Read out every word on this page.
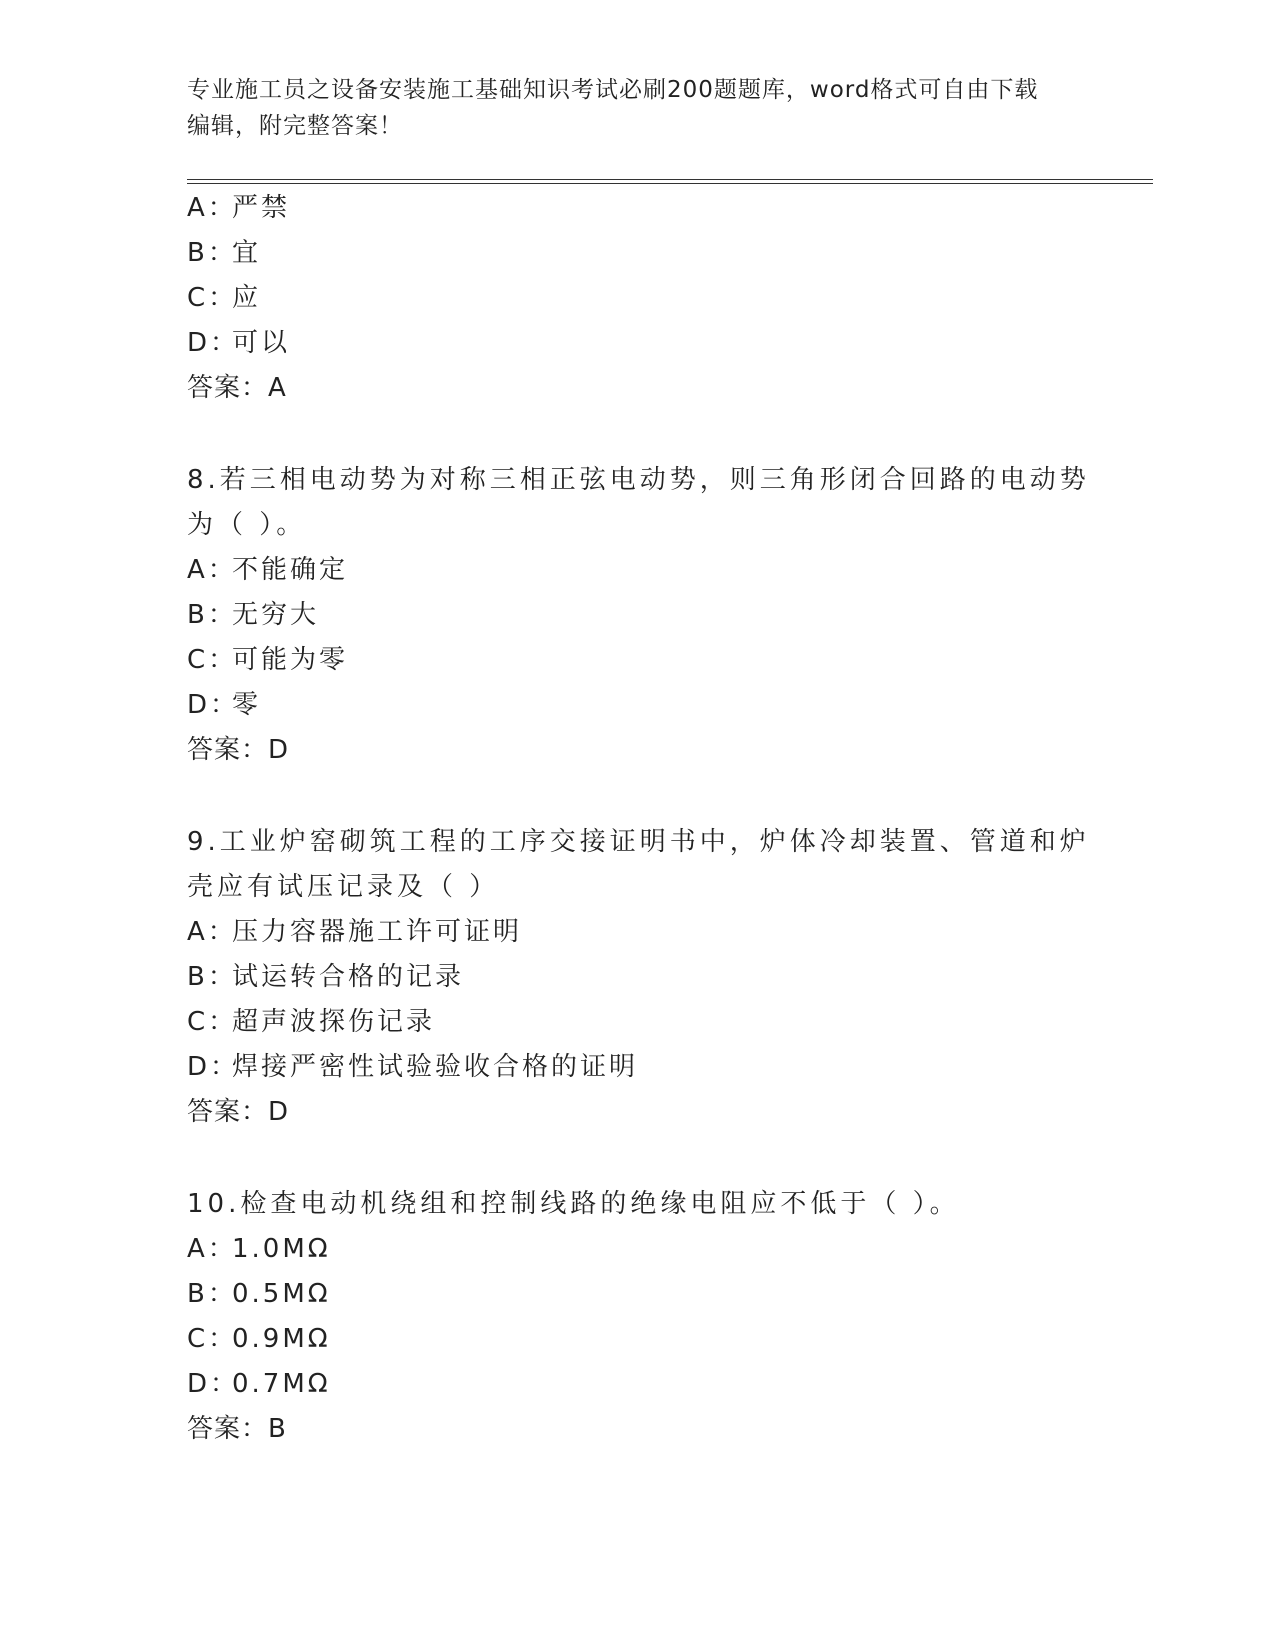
专业施工员之设备安装施工基础知识考试必刷200题题库，word格式可自由下载
编辑，附完整答案！
A：严禁
B：宜
C：应
D：可以
答案：A
8.若三相电动势为对称三相正弦电动势，则三角形闭合回路的电动势
为（ ）。
A：不能确定
B：无穷大
C：可能为零
D：零
答案：D
9.工业炉窑砌筑工程的工序交接证明书中，炉体冷却装置、管道和炉
壳应有试压记录及（ ）
A：压力容器施工许可证明
B：试运转合格的记录
C：超声波探伤记录
D：焊接严密性试验验收合格的证明
答案：D
10.检查电动机绕组和控制线路的绝缘电阻应不低于（ ）。
A：1.0MΩ
B：0.5MΩ
C：0.9MΩ
D：0.7MΩ
答案：B
